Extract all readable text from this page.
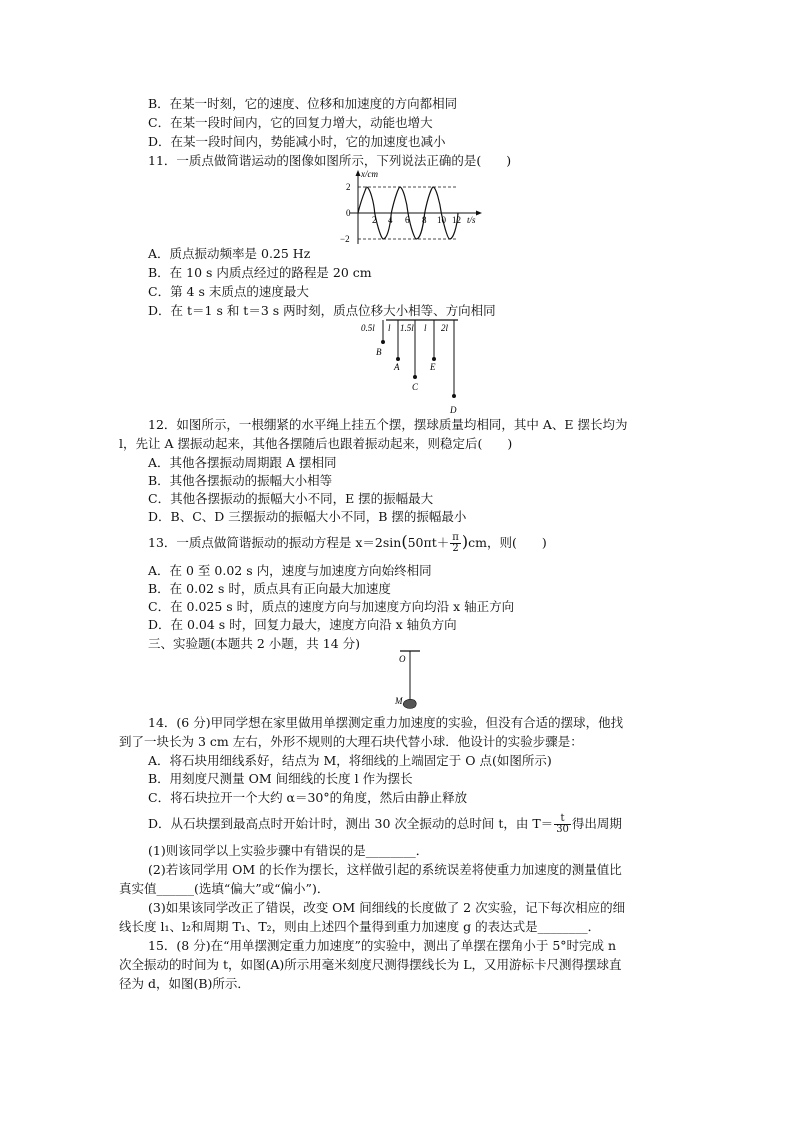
B．在某一时刻，它的速度、位移和加速度的方向都相同
C．在某一段时间内，它的回复力增大，动能也增大
D．在某一段时间内，势能减小时，它的加速度也减小
11．一质点做简谐运动的图像如图所示，下列说法正确的是(　　)
x/cm
2
0
−2
2 4 6 8 10 12 t/s
A．质点振动频率是 0.25 Hz
B．在 10 s 内质点经过的路程是 20 cm
C．第 4 s 末质点的速度最大
D．在 t＝1 s 和 t＝3 s 两时刻，质点位移大小相等、方向相同
0.5l l 1.5l l 2l
B
A
C
E
D
12．如图所示，一根绷紧的水平绳上挂五个摆，摆球质量均相同，其中 A、E 摆长均为
l，先让 A 摆振动起来，其他各摆随后也跟着振动起来，则稳定后(　　)
A．其他各摆振动周期跟 A 摆相同
B．其他各摆振动的振幅大小相等
C．其他各摆振动的振幅大小不同，E 摆的振幅最大
D．B、C、D 三摆振动的振幅大小不同，B 摆的振幅最小
13．一质点做简谐振动的振动方程是 $x=2\sin(50\pi t+ \frac{\pi}{2} )cm$，则(　　)
A．在 0 至 0.02 s 内，速度与加速度方向始终相同
B．在 0.02 s 时，质点具有正向最大加速度
C．在 0.025 s 时，质点的速度方向与加速度方向均沿 x 轴正方向
D．在 0.04 s 时，回复力最大，速度方向沿 x 轴负方向
三、实验题(本题共 2 小题，共 14 分)
O
M
14．(6 分)甲同学想在家里做用单摆测定重力加速度的实验，但没有合适的摆球，他找
到了一块长为 3 cm 左右，外形不规则的大理石块代替小球．他设计的实验步骤是：
A．将石块用细线系好，结点为 M，将细线的上端固定于 O 点(如图所示)
B．用刻度尺测量 OM 间细线的长度 l 作为摆长
C．将石块拉开一个大约 α＝30°的角度，然后由静止释放
D．从石块摆到最高点时开始计时，测出 30 次全振动的总时间 t，由 $T= \frac{t}{30}$ 得出周期
(1)则该同学以上实验步骤中有错误的是________．
(2)若该同学用 OM 的长作为摆长，这样做引起的系统误差将使重力加速度的测量值比
真实值______(选填“偏大”或“偏小”)．
(3)如果该同学改正了错误，改变 OM 间细线的长度做了 2 次实验，记下每次相应的细
线长度 l₁、l₂和周期 T₁、T₂，则由上述四个量得到重力加速度 g 的表达式是________．
15．(8 分)在“用单摆测定重力加速度”的实验中，测出了单摆在摆角小于 5°时完成 n
次全振动的时间为 t，如图(A)所示用毫米刻度尺测得摆线长为 L，又用游标卡尺测得摆球直
径为 d，如图(B)所示．
